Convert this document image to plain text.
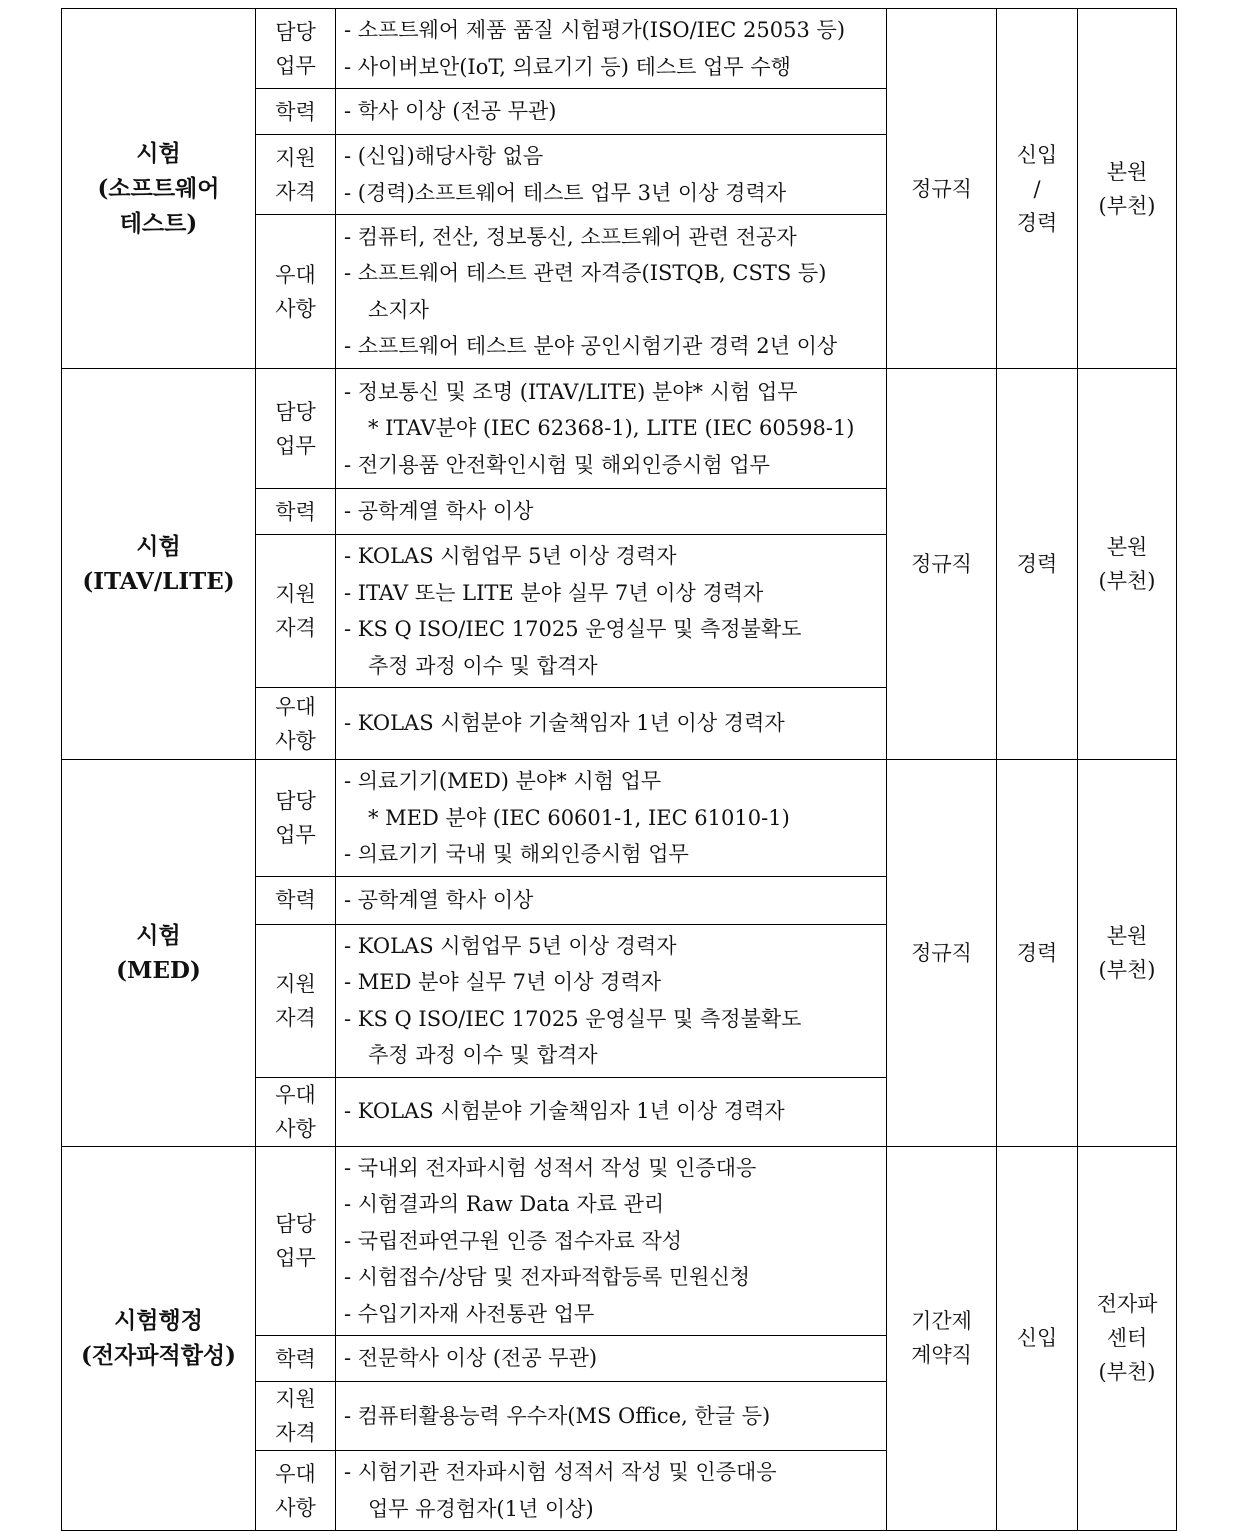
시험
(소프트웨어
테스트)	담당
업무	- 소프트웨어 제품 품질 시험평가(ISO/IEC 25053 등)
- 사이버보안(IoT, 의료기기 등) 테스트 업무 수행	정규직	신입
/
경력	본원
(부천)

	학력	- 학사 이상 (전공 무관)			

	지원
자격	- (신입)해당사항 없음
- (경력)소프트웨어 테스트 업무 3년 이상 경력자			

	우대
사항	- 컴퓨터, 전산, 정보통신, 소프트웨어 관련 전공자
- 소프트웨어 테스트 관련 자격증(ISTQB, CSTS 등)
소지자
- 소프트웨어 테스트 분야 공인시험기관 경력 2년 이상			

시험
(ITAV/LITE)	담당
업무	- 정보통신 및 조명 (ITAV/LITE) 분야* 시험 업무
* ITAV분야 (IEC 62368-1), LITE (IEC 60598-1)
- 전기용품 안전확인시험 및 해외인증시험 업무	정규직	경력	본원
(부천)

	학력	- 공학계열 학사 이상			

	지원
자격	- KOLAS 시험업무 5년 이상 경력자
- ITAV 또는 LITE 분야 실무 7년 이상 경력자
- KS Q ISO/IEC 17025 운영실무 및 측정불확도
추정 과정 이수 및 합격자			

	우대
사항	- KOLAS 시험분야 기술책임자 1년 이상 경력자			

시험
(MED)	담당
업무	- 의료기기(MED) 분야* 시험 업무
* MED 분야 (IEC 60601-1, IEC 61010-1)
- 의료기기 국내 및 해외인증시험 업무	정규직	경력	본원
(부천)

	학력	- 공학계열 학사 이상			

	지원
자격	- KOLAS 시험업무 5년 이상 경력자
- MED 분야 실무 7년 이상 경력자
- KS Q ISO/IEC 17025 운영실무 및 측정불확도
추정 과정 이수 및 합격자			

	우대
사항	- KOLAS 시험분야 기술책임자 1년 이상 경력자			

시험행정
(전자파적합성)	담당
업무	- 국내외 전자파시험 성적서 작성 및 인증대응
- 시험결과의 Raw Data 자료 관리
- 국립전파연구원 인증 접수자료 작성
- 시험접수/상담 및 전자파적합등록 민원신청
- 수입기자재 사전통관 업무	기간제
계약직	신입	전자파
센터
(부천)

	학력	- 전문학사 이상 (전공 무관)			

	지원
자격	- 컴퓨터활용능력 우수자(MS Office, 한글 등)			

	우대
사항	- 시험기관 전자파시험 성적서 작성 및 인증대응
업무 유경험자(1년 이상)			
